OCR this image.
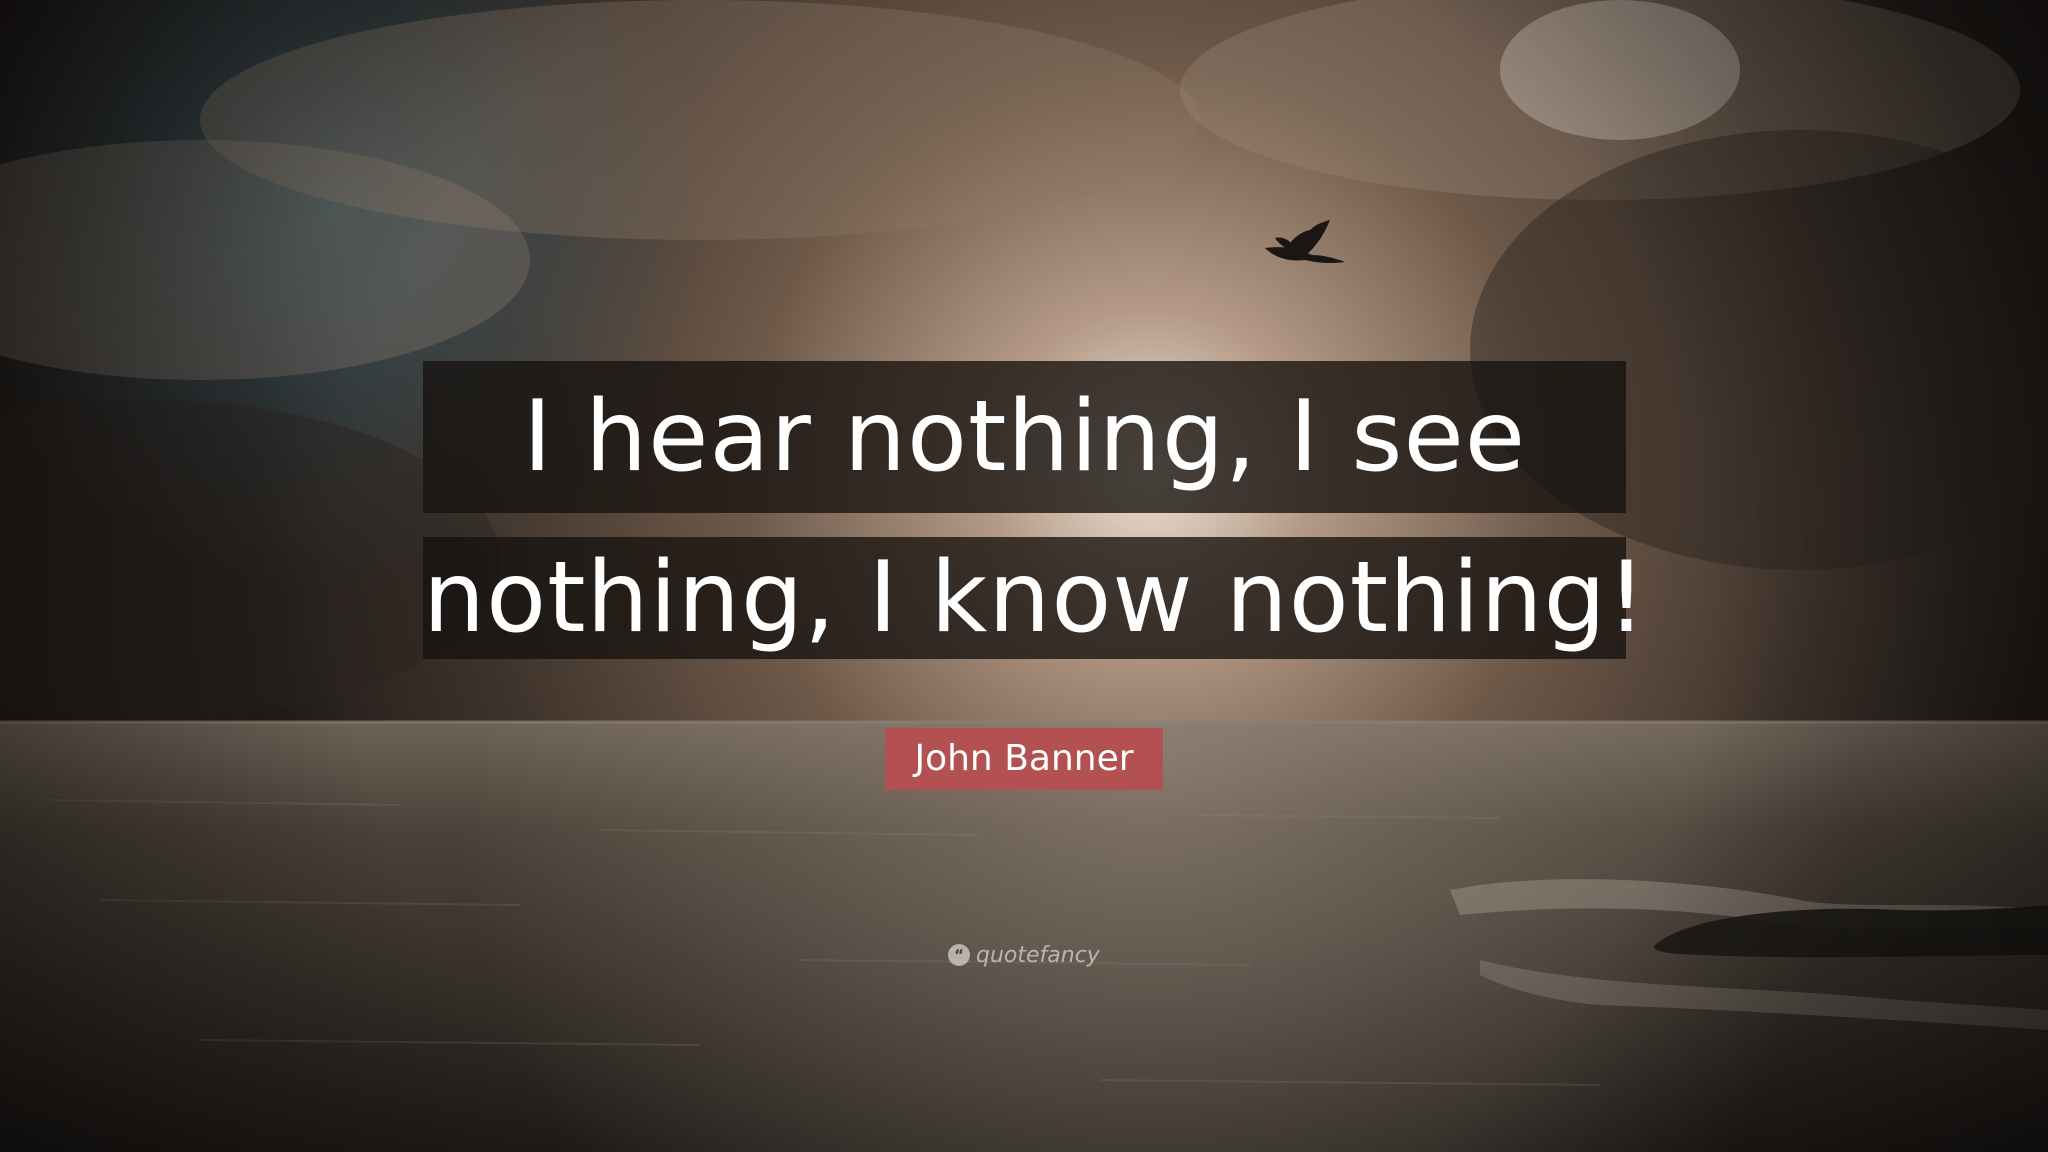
I hear nothing, I see
nothing, I know nothing!
John Banner
“ quotefancy
